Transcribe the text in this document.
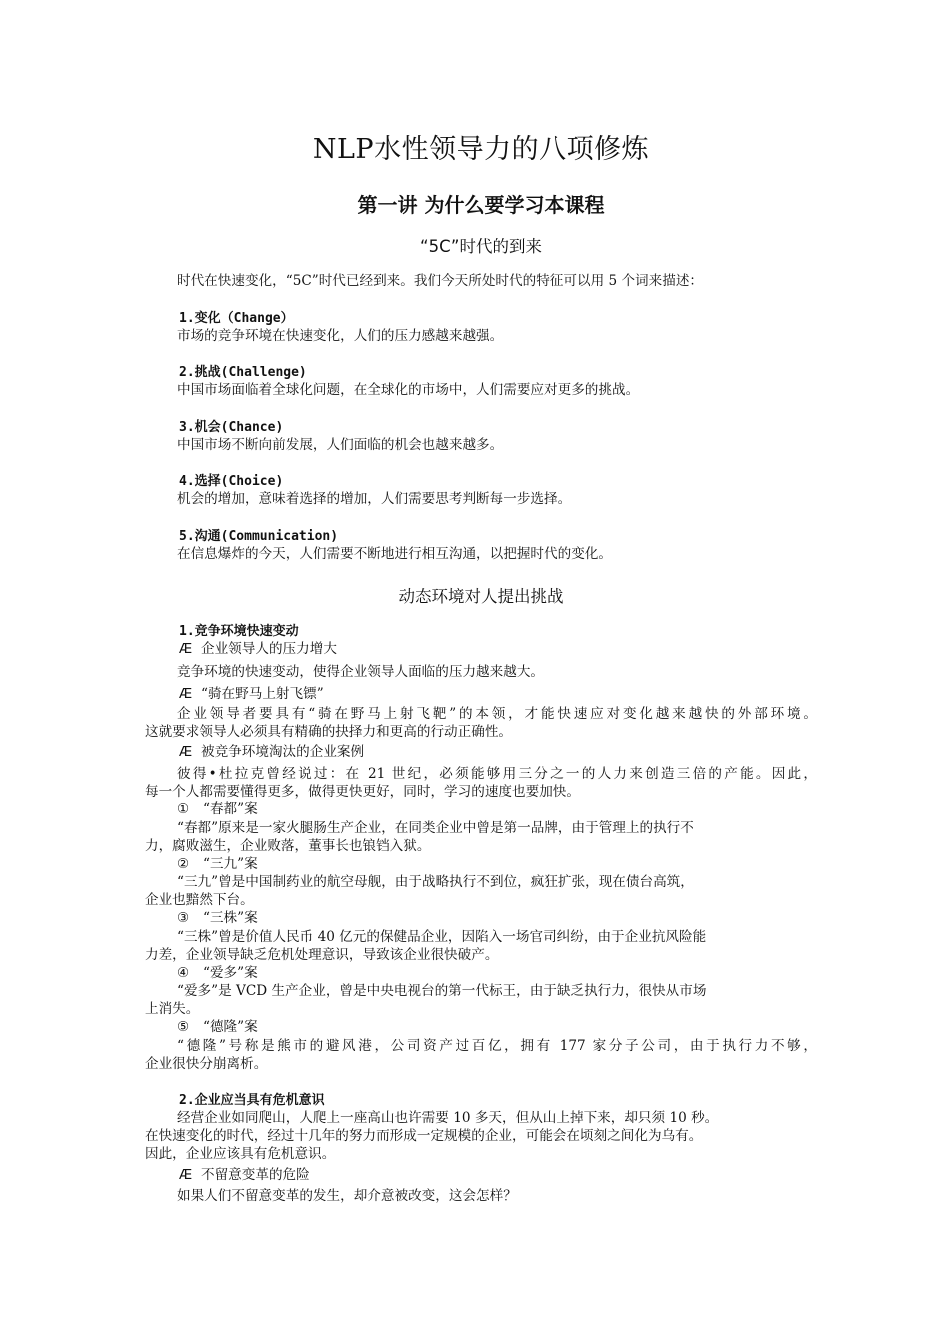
NLP水性领导力的八项修炼
第一讲 为什么要学习本课程
“5C”时代的到来
时代在快速变化，“5C”时代已经到来。我们今天所处时代的特征可以用 5 个词来描述：
1.变化（Change）
市场的竞争环境在快速变化，人们的压力感越来越强。
2.挑战(Challenge)
中国市场面临着全球化问题，在全球化的市场中，人们需要应对更多的挑战。
3.机会(Chance)
中国市场不断向前发展，人们面临的机会也越来越多。
4.选择(Choice)
机会的增加，意味着选择的增加，人们需要思考判断每一步选择。
5.沟通(Communication)
在信息爆炸的今天，人们需要不断地进行相互沟通，以把握时代的变化。
动态环境对人提出挑战
1.竞争环境快速变动
Æ 企业领导人的压力增大
竞争环境的快速变动，使得企业领导人面临的压力越来越大。
Æ “骑在野马上射飞镖”
企业领导者要具有“骑在野马上射飞靶”的本领，才能快速应对变化越来越快的外部环境。
这就要求领导人必须具有精确的抉择力和更高的行动正确性。
Æ 被竞争环境淘汰的企业案例
彼得•杜拉克曾经说过：在 21 世纪，必须能够用三分之一的人力来创造三倍的产能。因此，
每一个人都需要懂得更多，做得更快更好，同时，学习的速度也要加快。
① “春都”案
“春都”原来是一家火腿肠生产企业，在同类企业中曾是第一品牌，由于管理上的执行不
力，腐败滋生，企业败落，董事长也锒铛入狱。
② “三九”案
“三九”曾是中国制药业的航空母舰，由于战略执行不到位，疯狂扩张，现在债台高筑，
企业也黯然下台。
③ “三株”案
“三株”曾是价值人民币 40 亿元的保健品企业，因陷入一场官司纠纷，由于企业抗风险能
力差，企业领导缺乏危机处理意识，导致该企业很快破产。
④ “爱多”案
“爱多”是 VCD 生产企业，曾是中央电视台的第一代标王，由于缺乏执行力，很快从市场
上消失。
⑤ “德隆”案
“德隆”号称是熊市的避风港，公司资产过百亿，拥有 177 家分子公司，由于执行力不够，
企业很快分崩离析。
2.企业应当具有危机意识
经营企业如同爬山，人爬上一座高山也许需要 10 多天，但从山上掉下来，却只须 10 秒。
在快速变化的时代，经过十几年的努力而形成一定规模的企业，可能会在顷刻之间化为乌有。
因此，企业应该具有危机意识。
Æ 不留意变革的危险
如果人们不留意变革的发生，却介意被改变，这会怎样？
